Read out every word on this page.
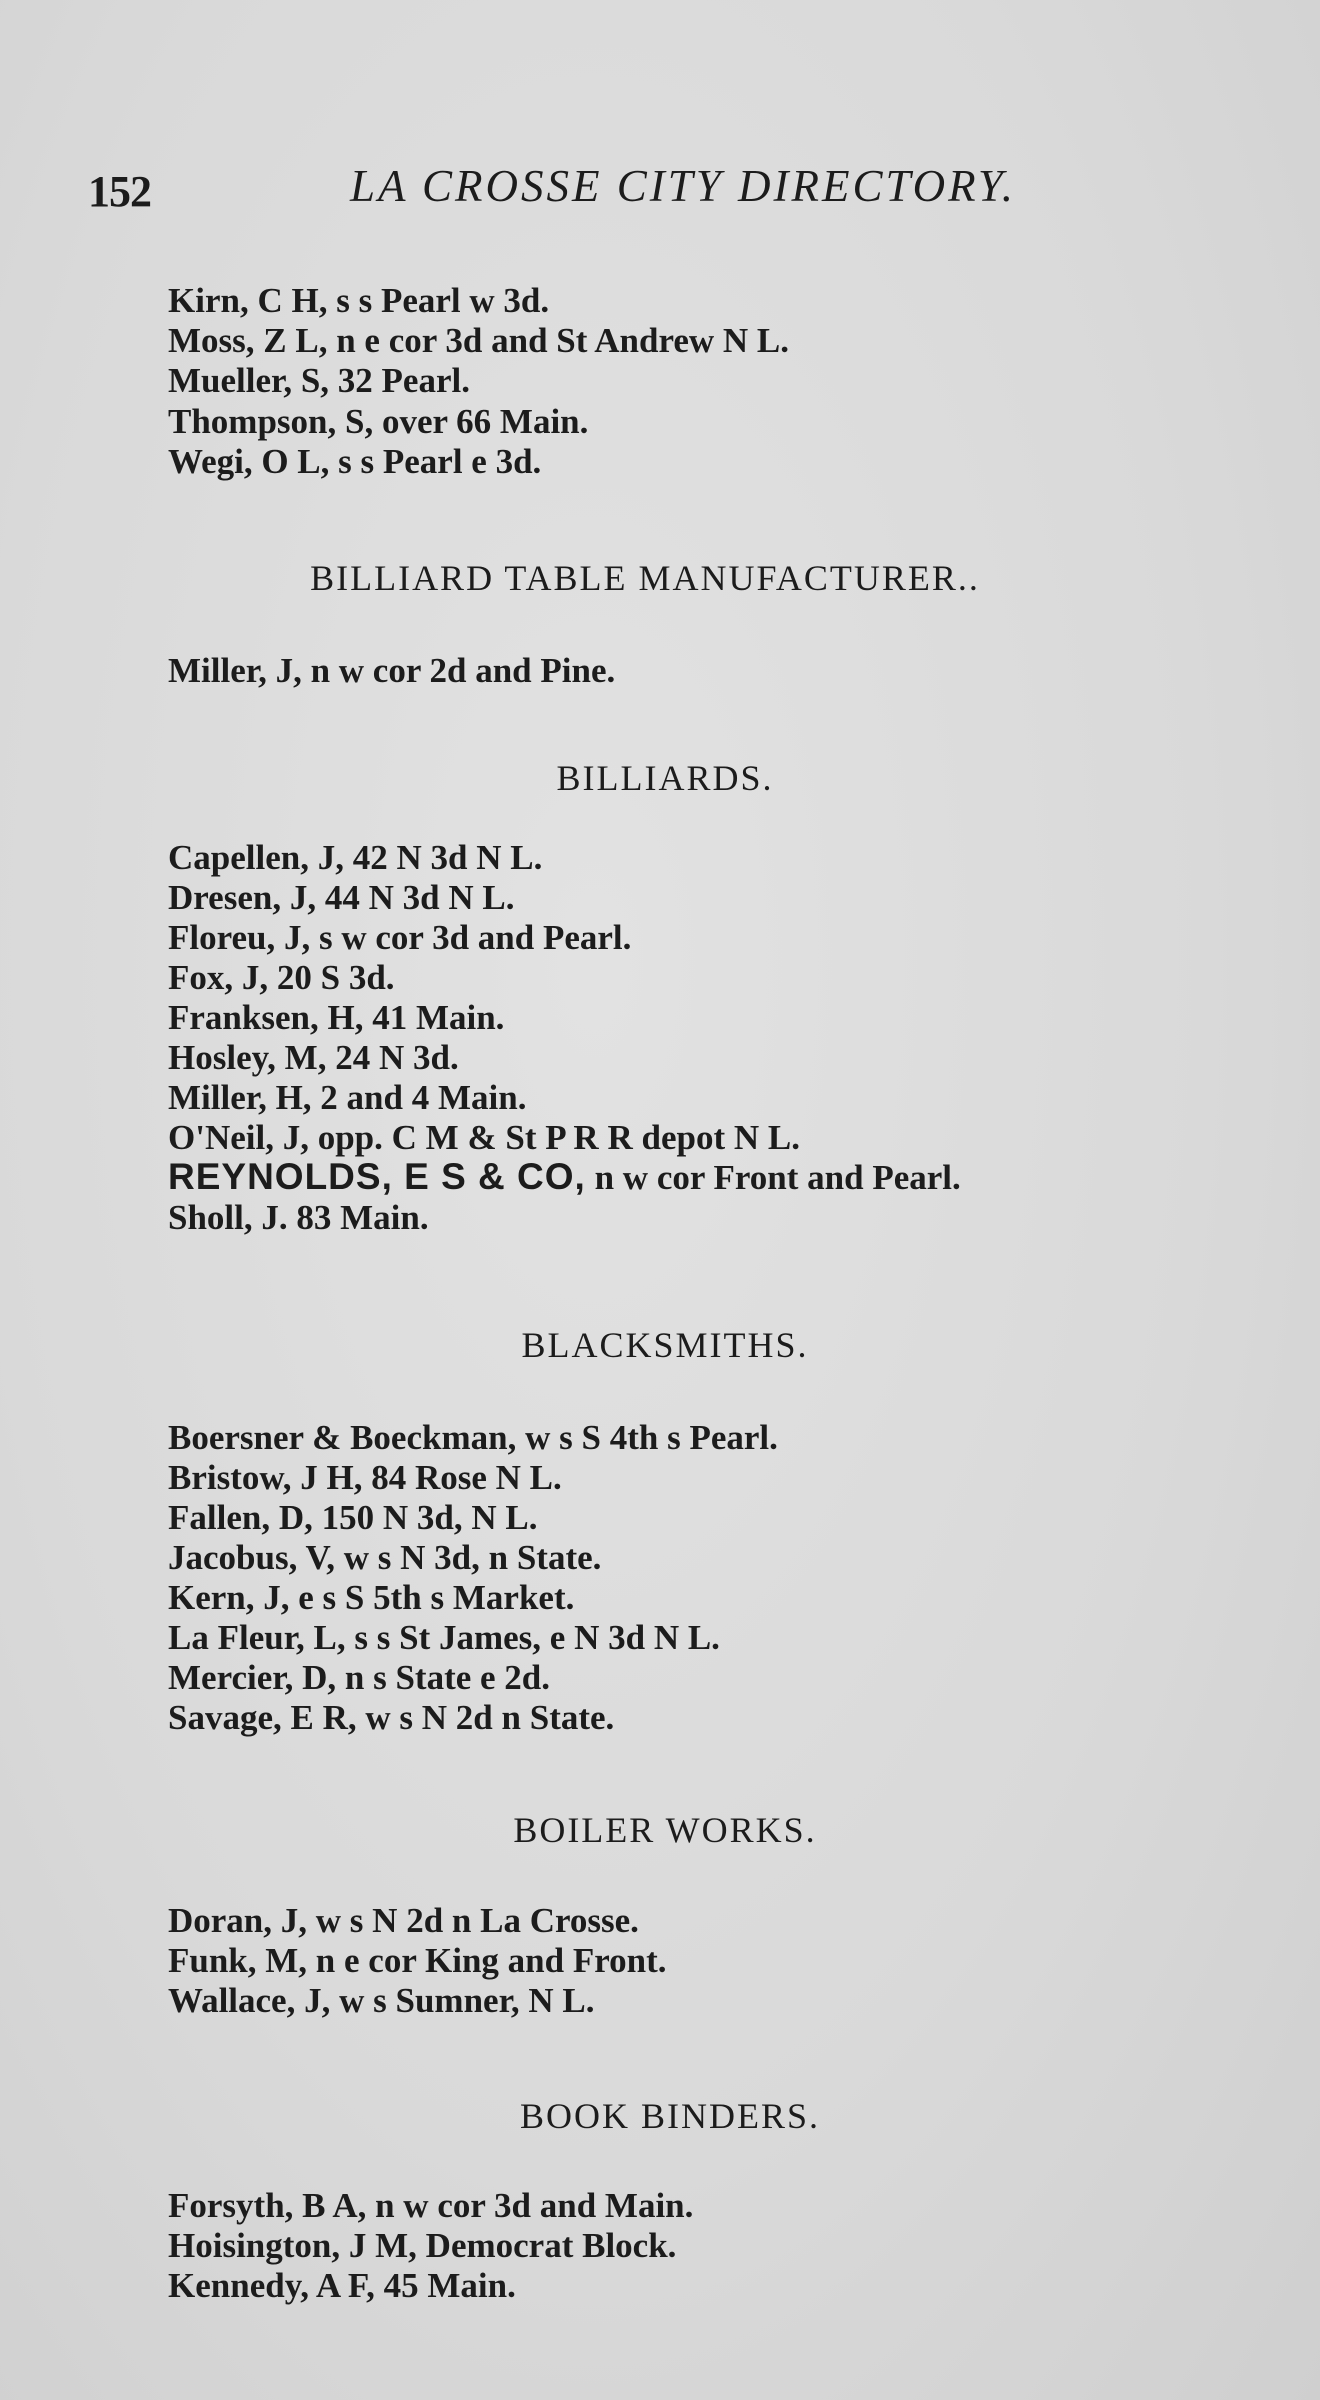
152	LA CROSSE CITY DIRECTORY.
Kirn, C H, s s Pearl w 3d.
Moss, Z L, n e cor 3d and St Andrew N L.
Mueller, S, 32 Pearl.
Thompson, S, over 66 Main.
Wegi, O L, s s Pearl e 3d.
BILLIARD TABLE MANUFACTURER..
Miller, J, n w cor 2d and Pine.
BILLIARDS.
Capellen, J, 42 N 3d N L.
Dresen, J, 44 N 3d N L.
Floreu, J, s w cor 3d and Pearl.
Fox, J, 20 S 3d.
Franksen, H, 41 Main.
Hosley, M, 24 N 3d.
Miller, H, 2 and 4 Main.
O'Neil, J, opp. C M & St P R R depot N L.
REYNOLDS, E S & CO, n w cor Front and Pearl.
Sholl, J. 83 Main.
BLACKSMITHS.
Boersner & Boeckman, w s S 4th s Pearl.
Bristow, J H, 84 Rose N L.
Fallen, D, 150 N 3d, N L.
Jacobus, V, w s N 3d, n State.
Kern, J, e s S 5th s Market.
La Fleur, L, s s St James, e N 3d N L.
Mercier, D, n s State e 2d.
Savage, E R, w s N 2d n State.
BOILER WORKS.
Doran, J, w s N 2d n La Crosse.
Funk, M, n e cor King and Front.
Wallace, J, w s Sumner, N L.
BOOK BINDERS.
Forsyth, B A, n w cor 3d and Main.
Hoisington, J M, Democrat Block.
Kennedy, A F, 45 Main.
